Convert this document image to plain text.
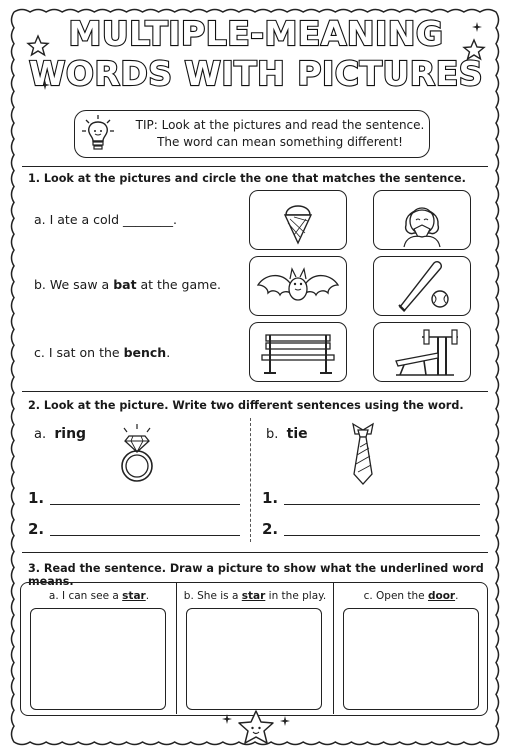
MULTIPLE-MEANING
WORDS WITH PICTURES
TIP: Look at the pictures and read the sentence.
The word can mean something different!
1. Look at the pictures and circle the one that matches the sentence.
a. I ate a cold ________.
b. We saw a bat at the game.
c. I sat on the bench.
2. Look at the picture. Write two different sentences using the word.
a. ring	b. tie
1.
2.
1.
2.
3. Read the sentence. Draw a picture to show what the underlined word means.
a. I can see a star.	b. She is a star in the play.	c. Open the door.
